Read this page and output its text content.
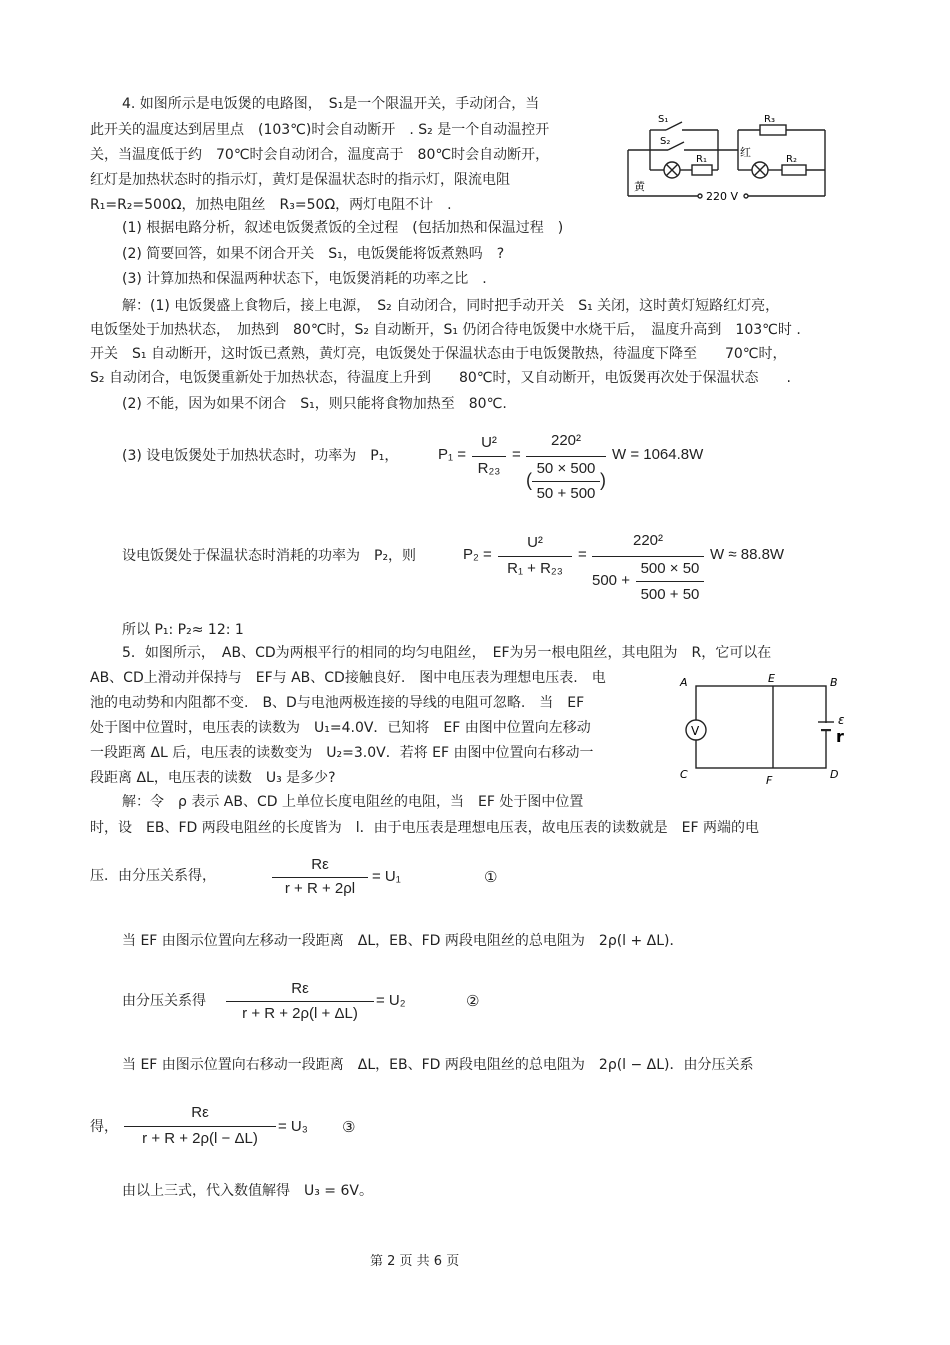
4. 如图所示是电饭煲的电路图，　S₁是一个限温开关，手动闭合，当
此开关的温度达到居里点　(103℃)时会自动断开　. S₂ 是一个自动温控开
关，当温度低于约　70℃时会自动闭合，温度高于　80℃时会自动断开，
红灯是加热状态时的指示灯，黄灯是保温状态时的指示灯，限流电阻
R₁=R₂=500Ω，加热电阻丝　R₃=50Ω，两灯电阻不计　.
(1) 根据电路分析，叙述电饭煲煮饭的全过程　(包括加热和保温过程　)
(2) 简要回答，如果不闭合开关　S₁，电饭煲能将饭煮熟吗　?
(3) 计算加热和保温两种状态下，电饭煲消耗的功率之比　.
S₁
S₂
R₁
R₃
R₂
红
黄
220 V
解：(1) 电饭煲盛上食物后，接上电源，　S₂ 自动闭合，同时把手动开关　S₁ 关闭，这时黄灯短路红灯亮，
电饭堡处于加热状态，　加热到　80℃时，S₂ 自动断开，S₁ 仍闭合待电饭煲中水烧干后，　温度升高到　103℃时 .
开关　S₁ 自动断开，这时饭已煮熟，黄灯亮，电饭煲处于保温状态由于电饭煲散热，待温度下降至　　70℃时，
S₂ 自动闭合，电饭煲重新处于加热状态，待温度上升到　　80℃时，又自动断开，电饭煲再次处于保温状态　　.
(2) 不能，因为如果不闭合　S₁，则只能将食物加热至　80℃.
(3) 设电饭煲处于加热状态时，功率为　P₁，	P₁ =
U²
R₂₃
=
220²
(
50 × 500
50 + 500
)
W = 1064.8W
设电饭煲处于保温状态时消耗的功率为　P₂，则	P₂ =
U²
R₁ + R₂₃
=
220²
500 +
500 × 50
500 + 50
W ≈ 88.8W
所以 P₁: P₂≈ 12: 1
5．如图所示，　AB、CD为两根平行的相同的均匀电阻丝，　EF为另一根电阻丝，其电阻为　R，它可以在
AB、CD上滑动并保持与　EF与 AB、CD接触良好.　图中电压表为理想电压表.　电
池的电动势和内阻都不变.　B、D与电池两极连接的导线的电阻可忽略.　当　EF
处于图中位置时，电压表的读数为　U₁=4.0V．已知将　EF 由图中位置向左移动
一段距离 ΔL 后，电压表的读数变为　U₂=3.0V．若将 EF 由图中位置向右移动一
段距离 ΔL，电压表的读数　U₃ 是多少?
A	E	B
C	F	D
V
ε
r
解：令　ρ 表示 AB、CD 上单位长度电阻丝的电阻，当　EF 处于图中位置
时，设　EB、FD 两段电阻丝的长度皆为　l．由于电压表是理想电压表，故电压表的读数就是　EF 两端的电
压．由分压关系得，
Rε
r + R + 2ρl
= U₁	①
当 EF 由图示位置向左移动一段距离　ΔL，EB、FD 两段电阻丝的总电阻为　2ρ(l + ΔL)．
由分压关系得
Rε
r + R + 2ρ(l + ΔL)
= U₂	②
当 EF 由图示位置向右移动一段距离　ΔL，EB、FD 两段电阻丝的总电阻为　2ρ(l − ΔL)．由分压关系
得，
Rε
r + R + 2ρ(l − ΔL)
= U₃ ③
由以上三式，代入数值解得　U₃ = 6V。
第 2 页 共 6 页
